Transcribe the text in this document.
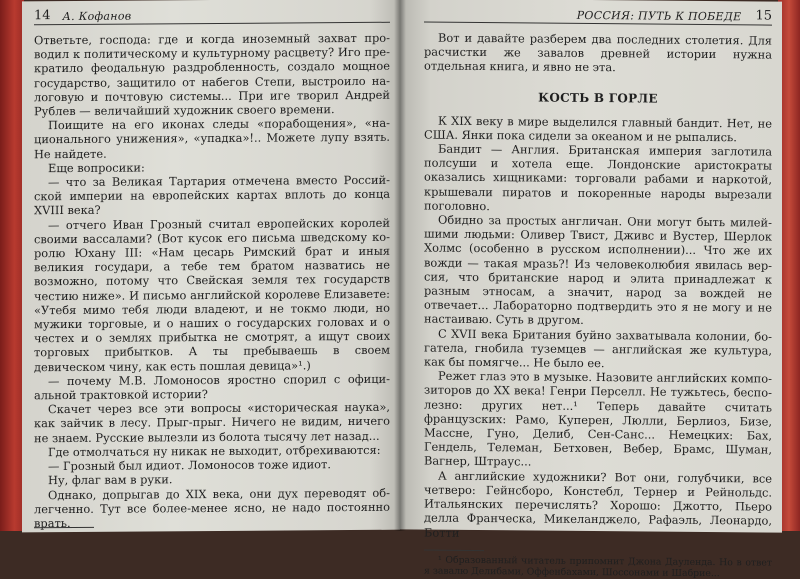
14 А. Кофанов

Ответьте, господа: где и когда иноземный захват проводил к политическому и культурному расцвету? Иго прекратило феодальную раздробленность, создало мощное государство, защитило от набегов Степи, выстроило налоговую и почтовую системы... При иге творил Андрей Рублев — величайший художник своего времени.

Поищите на его иконах следы «порабощения», «национального унижения», «упадка»!.. Можете лупу взять. Не найдете.

Еще вопросики:

— что за Великая Тартария отмечена вместо Российской империи на европейских картах вплоть до конца XVIII века?

— отчего Иван Грозный считал европейских королей своими вассалами? (Вот кусок его письма шведскому королю Юхану III: «Нам цесарь Римский брат и иныя великия государи, а тебе тем братом назватись не возможно, потому что Свейская земля тех государств честию ниже». И письмо английской королеве Елизавете: «Утебя мимо тебя люди владеют, и не токмо люди, но мужики торговые, и о наших о государских головах и о честех и о землях прибытка не смотрят, а ищут своих торговых прибытков. А ты пребываешь в своем девическом чину, как есть пошлая девица»¹.)

— почему М.В. Ломоносов яростно спорил с официальной трактовкой истории?

Скачет через все эти вопросы «историческая наука», как зайчик в лесу. Прыг-прыг. Ничего не видим, ничего не знаем. Русские вылезли из болота тысячу лет назад...

Где отмолчаться ну никак не выходит, отбрехиваются:

— Грозный был идиот. Ломоносов тоже идиот.

Ну, флаг вам в руки.

Однако, допрыгав до XIX века, они дух переводят облегченно. Тут все более-менее ясно, не надо постоянно врать.

РОССИЯ: ПУТЬ К ПОБЕДЕ 15

Вот и давайте разберем два последних столетия. Для расчистки же завалов древней истории нужна отдельная книга, и явно не эта.

КОСТЬ В ГОРЛЕ

К XIX веку в мире выделился главный бандит. Нет, не США. Янки пока сидели за океаном и не рыпались.

Бандит — Англия. Британская империя заглотила полсуши и хотела еще. Лондонские аристократы оказались хищниками: торговали рабами и наркотой, крышевали пиратов и покоренные народы вырезали поголовно.

Обидно за простых англичан. Они могут быть милейшими людьми: Оливер Твист, Дживс и Вустер, Шерлок Холмс (особенно в русском исполнении)... Что же их вожди — такая мразь?! Из человеколюбия явилась версия, что британские народ и элита принадлежат к разным этносам, а значит, народ за вождей не отвечает... Лабораторно подтвердить это я не могу и не настаиваю. Суть в другом.

С XVII века Британия буйно захватывала колонии, богатела, гнобила туземцев — английская же культура, как бы помягче... Не было ее.

Режет глаз это в музыке. Назовите английских композиторов до XX века! Генри Перселл. Не тужьтесь, бесполезно: других нет...¹ Теперь давайте считать французских: Рамо, Куперен, Люлли, Берлиоз, Бизе, Массне, Гуно, Делиб, Сен-Санс... Немецких: Бах, Гендель, Телеман, Бетховен, Вебер, Брамс, Шуман, Вагнер, Штраус...

А английские художники? Вот они, голубчики, все четверо: Гейнсборо, Констебл, Тернер и Рейнольдс. Итальянских перечислять? Хорошо: Джотто, Пьеро делла Франческа, Микеланджело, Рафаэль, Леонардо, Ботти

¹ Образованный читатель припомнит Джона Дауленда. Но в ответ я завалю Делибами, Оффенбахами, Шоссонами и Шабрие...
